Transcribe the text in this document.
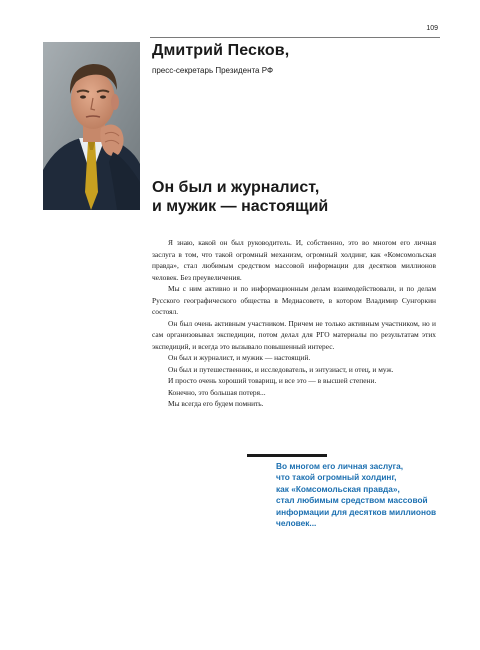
109
Дмитрий Песков,
пресс-секретарь Президента РФ
Он был и журналист,
и мужик — настоящий

Я знаю, какой он был руководитель. И, собственно, это во многом его личная заслуга в том, что такой огромный механизм, огромный холдинг, как «Комсомольская правда», стал любимым средством массовой информации для десятков миллионов человек. Без преувеличения.

Мы с ним активно и по информационным делам взаимодействовали, и по делам Русского географического общества в Медиасовете, в котором Владимир Сунгоркин состоял.

Он был очень активным участником. Причем не только активным участником, но и сам организовывал экспедиции, потом делал для РГО материалы по результатам этих экспедиций, и всегда это вызывало повышенный интерес.

Он был и журналист, и мужик — настоящий.

Он был и путешественник, и исследователь, и энтузиаст, и отец, и муж.

И просто очень хороший товарищ, и все это — в высшей степени.

Конечно, это большая потеря...

Мы всегда его будем помнить.

Во многом его личная заслуга,
что такой огромный холдинг,
как «Комсомольская правда»,
стал любимым средством массовой
информации для десятков миллионов
человек...
